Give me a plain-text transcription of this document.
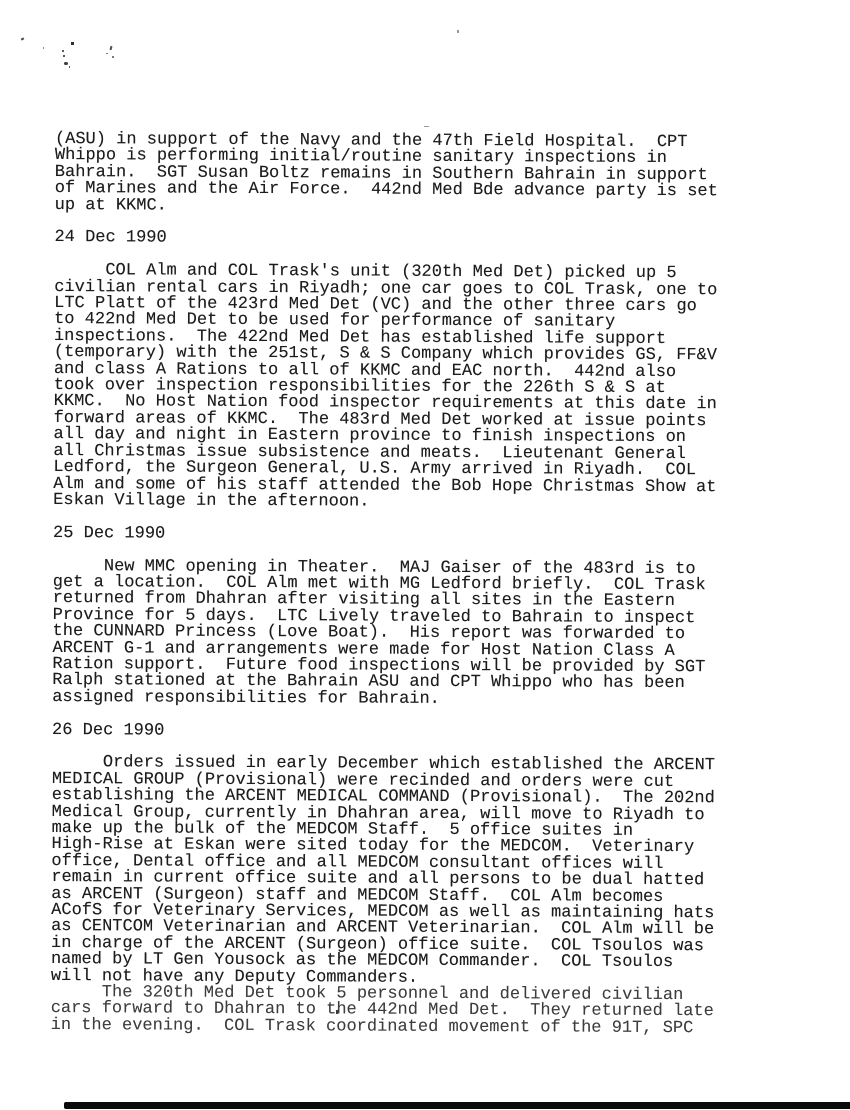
(ASU) in support of the Navy and the 47th Field Hospital.  CPT
Whippo is performing initial/routine sanitary inspections in
Bahrain.  SGT Susan Boltz remains in Southern Bahrain in support
of Marines and the Air Force.  442nd Med Bde advance party is set
up at KKMC.
24 Dec 1990
COL Alm and COL Trask's unit (320th Med Det) picked up 5
civilian rental cars in Riyadh; one car goes to COL Trask, one to
LTC Platt of the 423rd Med Det (VC) and the other three cars go
to 422nd Med Det to be used for performance of sanitary
inspections.  The 422nd Med Det has established life support
(temporary) with the 251st, S & S Company which provides GS, FF&V
and class A Rations to all of KKMC and EAC north.  442nd also
took over inspection responsibilities for the 226th S & S at
KKMC.  No Host Nation food inspector requirements at this date in
forward areas of KKMC.  The 483rd Med Det worked at issue points
all day and night in Eastern province to finish inspections on
all Christmas issue subsistence and meats.  Lieutenant General
Ledford, the Surgeon General, U.S. Army arrived in Riyadh.  COL
Alm and some of his staff attended the Bob Hope Christmas Show at
Eskan Village in the afternoon.
25 Dec 1990
New MMC opening in Theater.  MAJ Gaiser of the 483rd is to
get a location.  COL Alm met with MG Ledford briefly.  COL Trask
returned from Dhahran after visiting all sites in the Eastern
Province for 5 days.  LTC Lively traveled to Bahrain to inspect
the CUNNARD Princess (Love Boat).  His report was forwarded to
ARCENT G-1 and arrangements were made for Host Nation Class A
Ration support.  Future food inspections will be provided by SGT
Ralph stationed at the Bahrain ASU and CPT Whippo who has been
assigned responsibilities for Bahrain.
26 Dec 1990
Orders issued in early December which established the ARCENT
MEDICAL GROUP (Provisional) were recinded and orders were cut
establishing the ARCENT MEDICAL COMMAND (Provisional).  The 202nd
Medical Group, currently in Dhahran area, will move to Riyadh to
make up the bulk of the MEDCOM Staff.  5 office suites in
High-Rise at Eskan were sited today for the MEDCOM.  Veterinary
office, Dental office and all MEDCOM consultant offices will
remain in current office suite and all persons to be dual hatted
as ARCENT (Surgeon) staff and MEDCOM Staff.  COL Alm becomes
ACofS for Veterinary Services, MEDCOM as well as maintaining hats
as CENTCOM Veterinarian and ARCENT Veterinarian.  COL Alm will be
in charge of the ARCENT (Surgeon) office suite.  COL Tsoulos was
named by LT Gen Yousock as the MEDCOM Commander.  COL Tsoulos
will not have any Deputy Commanders.
The 320th Med Det took 5 personnel and delivered civilian
cars forward to Dhahran to the 442nd Med Det.  They returned late
in the evening.  COL Trask coordinated movement of the 91T, SPC
